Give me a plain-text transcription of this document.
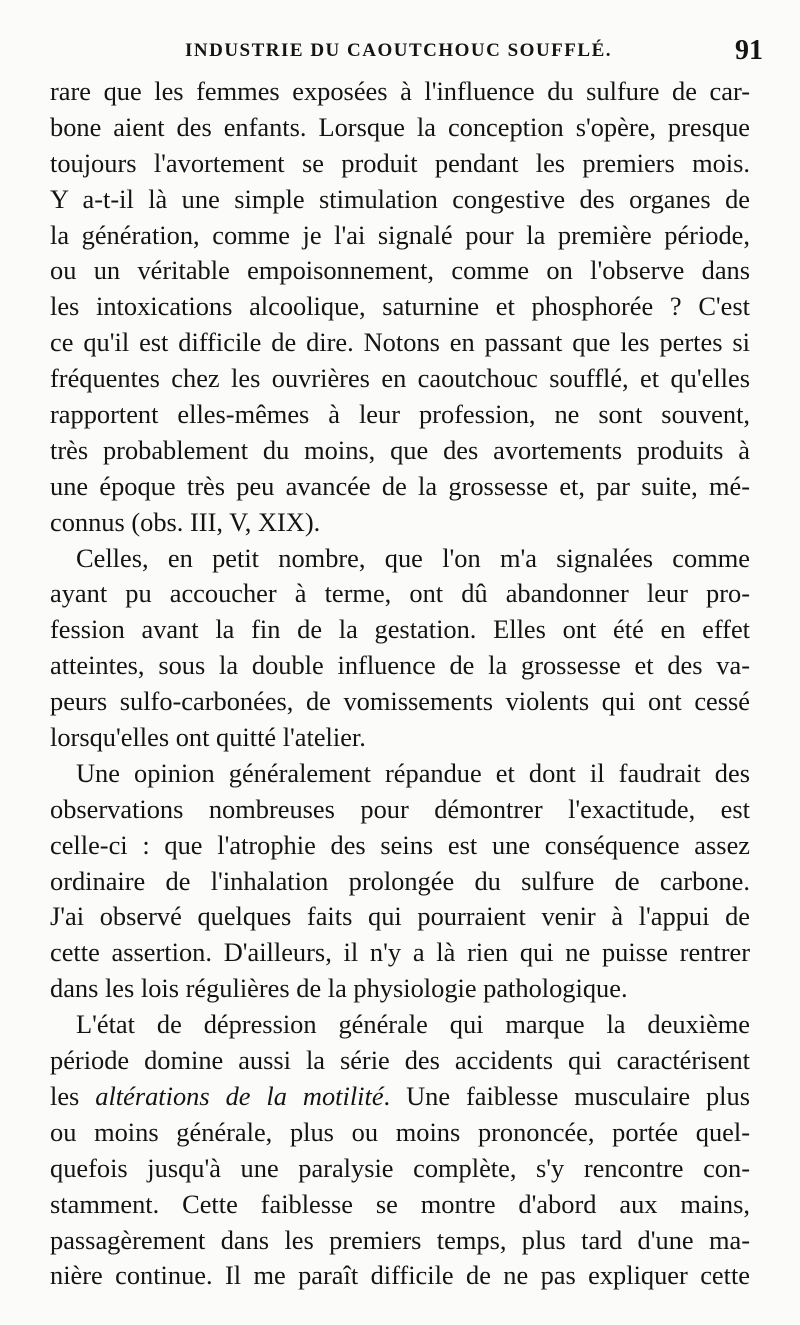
INDUSTRIE DU CAOUTCHOUC SOUFFLÉ.	91
rare que les femmes exposées à l'influence du sulfure de car-
bone aient des enfants. Lorsque la conception s'opère, presque
toujours l'avortement se produit pendant les premiers mois.
Y a-t-il là une simple stimulation congestive des organes de
la génération, comme je l'ai signalé pour la première période,
ou un véritable empoisonnement, comme on l'observe dans
les intoxications alcoolique, saturnine et phosphorée ? C'est
ce qu'il est difficile de dire. Notons en passant que les pertes si
fréquentes chez les ouvrières en caoutchouc soufflé, et qu'elles
rapportent elles-mêmes à leur profession, ne sont souvent,
très probablement du moins, que des avortements produits à
une époque très peu avancée de la grossesse et, par suite, mé-
connus (obs. III, V, XIX).
Celles, en petit nombre, que l'on m'a signalées comme
ayant pu accoucher à terme, ont dû abandonner leur pro-
fession avant la fin de la gestation. Elles ont été en effet
atteintes, sous la double influence de la grossesse et des va-
peurs sulfo-carbonées, de vomissements violents qui ont cessé
lorsqu'elles ont quitté l'atelier.
Une opinion généralement répandue et dont il faudrait des
observations nombreuses pour démontrer l'exactitude, est
celle-ci : que l'atrophie des seins est une conséquence assez
ordinaire de l'inhalation prolongée du sulfure de carbone.
J'ai observé quelques faits qui pourraient venir à l'appui de
cette assertion. D'ailleurs, il n'y a là rien qui ne puisse rentrer
dans les lois régulières de la physiologie pathologique.
L'état de dépression générale qui marque la deuxième
période domine aussi la série des accidents qui caractérisent
les altérations de la motilité. Une faiblesse musculaire plus
ou moins générale, plus ou moins prononcée, portée quel-
quefois jusqu'à une paralysie complète, s'y rencontre con-
stamment. Cette faiblesse se montre d'abord aux mains,
passagèrement dans les premiers temps, plus tard d'une ma-
nière continue. Il me paraît difficile de ne pas expliquer cette
